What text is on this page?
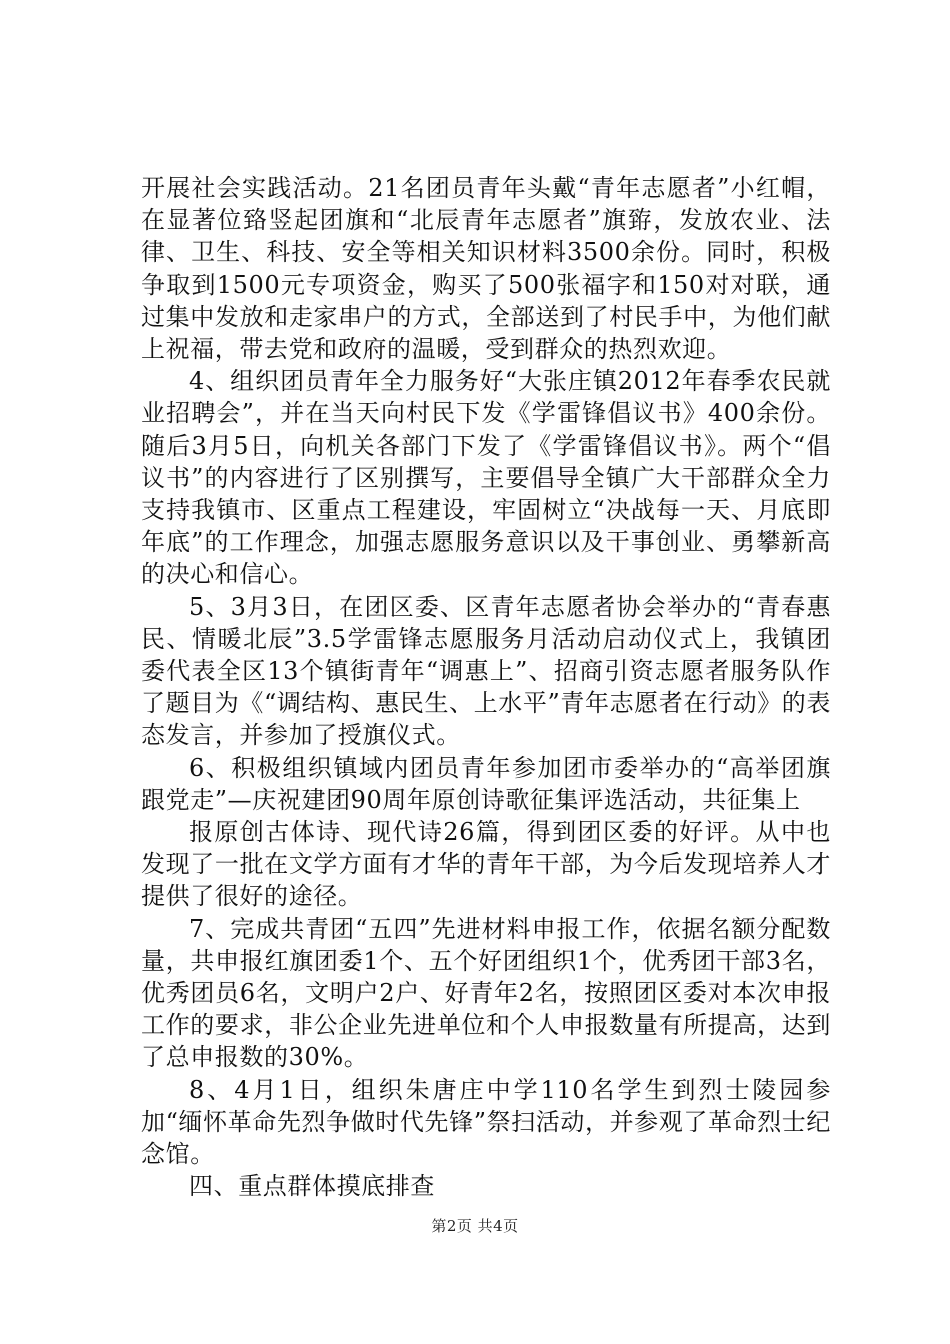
开展社会实践活动。21名团员青年头戴“青年志愿者”小红帽，在显著位臵竖起团旗和“北辰青年志愿者”旗臶，发放农业、法律、卫生、科技、安全等相关知识材料3500余份。同时，积极争取到1500元专项资金，购买了500张福字和150对对联，通过集中发放和走家串户的方式，全部送到了村民手中，为他们献上祝福，带去党和政府的温暖，受到群众的热烈欢迎。

4、组织团员青年全力服务好“大张庄镇2012年春季农民就业招聘会”，并在当天向村民下发《学雷锋倡议书》400余份。随后3月5日，向机关各部门下发了《学雷锋倡议书》。两个“倡议书”的内容进行了区别撰写，主要倡导全镇广大干部群众全力支持我镇市、区重点工程建设，牢固树立“决战每一天、月底即年底”的工作理念，加强志愿服务意识以及干事创业、勇攀新高的决心和信心。

5、3月3日，在团区委、区青年志愿者协会举办的“青春惠民、情暖北辰”3.5学雷锋志愿服务月活动启动仪式上，我镇团委代表全区13个镇街青年“调惠上”、招商引资志愿者服务队作了题目为《“调结构、惠民生、上水平”青年志愿者在行动》的表态发言，并参加了授旗仪式。

6、积极组织镇域内团员青年参加团市委举办的“高举团旗跟党走”—庆祝建团90周年原创诗歌征集评选活动，共征集上

报原创古体诗、现代诗26篇，得到团区委的好评。从中也发现了一批在文学方面有才华的青年干部，为今后发现培养人才提供了很好的途径。

7、完成共青团“五四”先进材料申报工作，依据名额分配数量，共申报红旗团委1个、五个好团组织1个，优秀团干部3名，优秀团员6名，文明户2户、好青年2名，按照团区委对本次申报工作的要求，非公企业先进单位和个人申报数量有所提高，达到了总申报数的30%。

8、4月1日，组织朱唐庄中学110名学生到烈士陵园参加“缅怀革命先烈争做时代先锋”祭扫活动，并参观了革命烈士纪念馆。

四、重点群体摸底排查

第2页 共4页
